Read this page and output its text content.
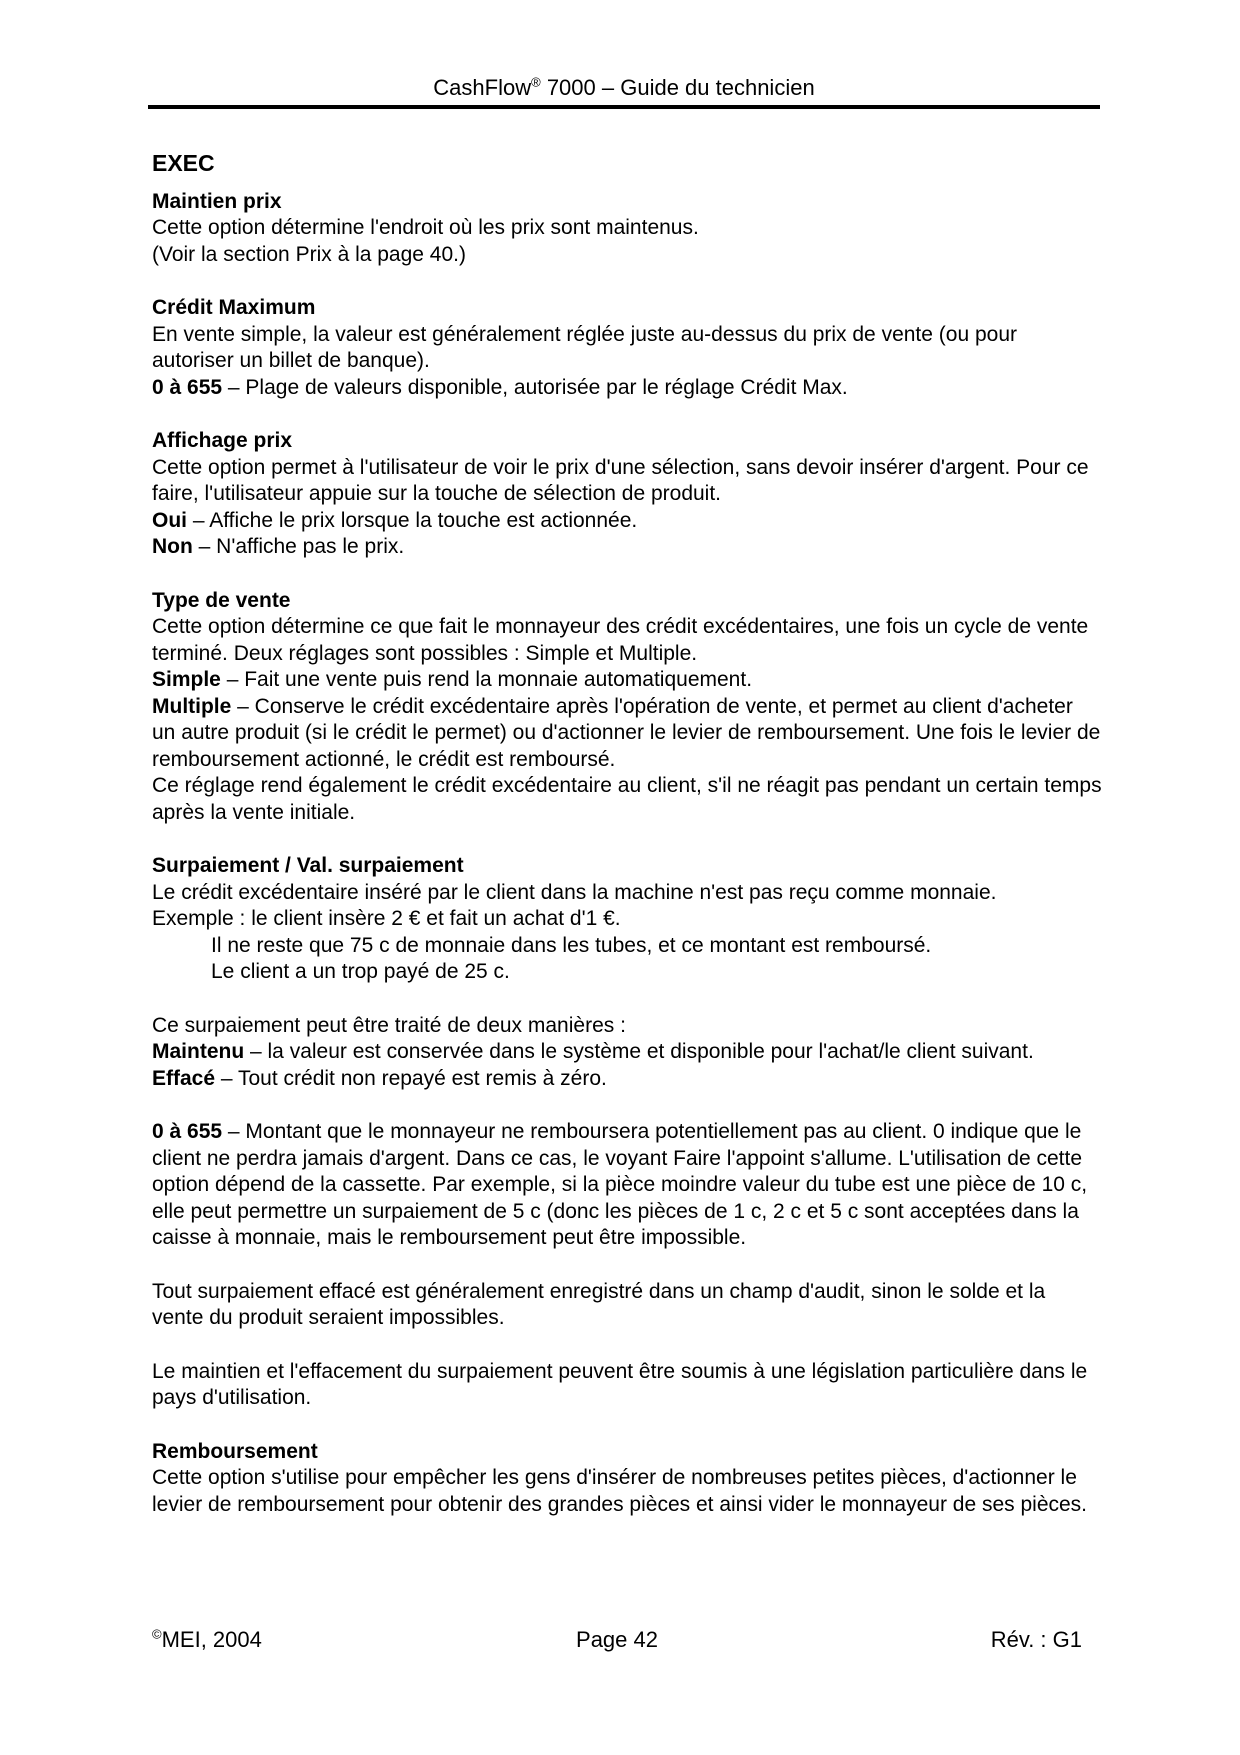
CashFlow® 7000 – Guide du technicien
EXEC
Maintien prix

Cette option détermine l'endroit où les prix sont maintenus.

(Voir la section Prix à la page 40.)

Crédit Maximum

En vente simple, la valeur est généralement réglée juste au-dessus du prix de vente (ou pour autoriser un billet de banque).

0 à 655 – Plage de valeurs disponible, autorisée par le réglage Crédit Max.

Affichage prix

Cette option permet à l'utilisateur de voir le prix d'une sélection, sans devoir insérer d'argent. Pour ce faire, l'utilisateur appuie sur la touche de sélection de produit.

Oui – Affiche le prix lorsque la touche est actionnée.

Non – N'affiche pas le prix.

Type de vente

Cette option détermine ce que fait le monnayeur des crédit excédentaires, une fois un cycle de vente terminé. Deux réglages sont possibles : Simple et Multiple.

Simple – Fait une vente puis rend la monnaie automatiquement.

Multiple – Conserve le crédit excédentaire après l'opération de vente, et permet au client d'acheter un autre produit (si le crédit le permet) ou d'actionner le levier de remboursement. Une fois le levier de remboursement actionné, le crédit est remboursé.

Ce réglage rend également le crédit excédentaire au client, s'il ne réagit pas pendant un certain temps après la vente initiale.

Surpaiement / Val. surpaiement

Le crédit excédentaire inséré par le client dans la machine n'est pas reçu comme monnaie.

Exemple : le client insère 2 € et fait un achat d'1 €.

Il ne reste que 75 c de monnaie dans les tubes, et ce montant est remboursé.

Le client a un trop payé de 25 c.

Ce surpaiement peut être traité de deux manières :

Maintenu – la valeur est conservée dans le système et disponible pour l'achat/le client suivant.

Effacé – Tout crédit non repayé est remis à zéro.

0 à 655 – Montant que le monnayeur ne remboursera potentiellement pas au client. 0 indique que le client ne perdra jamais d'argent. Dans ce cas, le voyant Faire l'appoint s'allume. L'utilisation de cette option dépend de la cassette. Par exemple, si la pièce moindre valeur du tube est une pièce de 10 c, elle peut permettre un surpaiement de 5 c (donc les pièces de 1 c, 2 c et 5 c sont acceptées dans la caisse à monnaie, mais le remboursement peut être impossible.

Tout surpaiement effacé est généralement enregistré dans un champ d'audit, sinon le solde et la vente du produit seraient impossibles.

Le maintien et l'effacement du surpaiement peuvent être soumis à une législation particulière dans le pays d'utilisation.

Remboursement

Cette option s'utilise pour empêcher les gens d'insérer de nombreuses petites pièces, d'actionner le levier de remboursement pour obtenir des grandes pièces et ainsi vider le monnayeur de ses pièces.

©MEI, 2004	Page 42	Rév. : G1
